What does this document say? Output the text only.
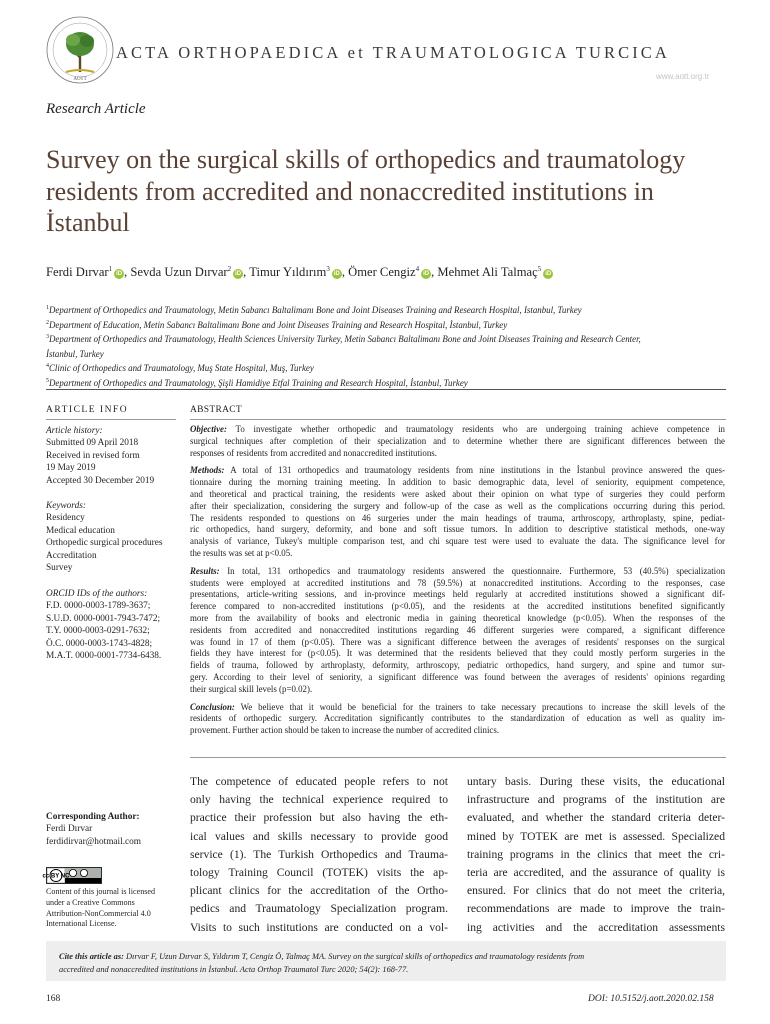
AOTT
ACTA ORTHOPAEDICA et TRAUMATOLOGICA TURCICA
www.aott.org.tr
Research Article
Survey on the surgical skills of orthopedics and traumatology
residents from accredited and nonaccredited institutions in
İstanbul
Ferdi Dırvar$^1$iD , Sevda Uzun Dırvar$^2$iD , Timur Yıldırım$^3$iD , Ömer Cengiz$^4$iD , Mehmet Ali Talmaç$^5$iD
$^1$Department of Orthopedics and Traumatology, Metin Sabancı Baltalimanı Bone and Joint Diseases Training and Research Hospital, Istanbul, Turkey
$^2$Department of Education, Metin Sabancı Baltalimanı Bone and Joint Diseases Training and Research Hospital, İstanbul, Turkey
$^3$Department of Orthopedics and Traumatology, Health Sciences University Turkey, Metin Sabancı Baltalimanı Bone and Joint Diseases Training and Research Center,
İstanbul, Turkey
$^4$Clinic of Orthopedics and Traumatology, Muş State Hospital, Muş, Turkey
$^5$Department of Orthopedics and Traumatology, Şişli Hamidiye Etfal Training and Research Hospital, İstanbul, Turkey
ARTICLE INFO
Article history:
Submitted 09 April 2018
Received in revised form
19 May 2019
Accepted 30 December 2019
Keywords:
Residency
Medical education
Orthopedic surgical procedures
Accreditation
Survey
ORCID IDs of the authors:
F.D. 0000-0003-1789-3637;
S.U.D. 0000-0001-7943-7472;
T.Y. 0000-0003-0291-7632;
Ö.C. 0000-0003-1743-4828;
M.A.T. 0000-0001-7734-6438.
ABSTRACT

Objective: To investigate whether orthopedic and traumatology residents who are undergoing training achieve competence in
surgical techniques after completion of their specialization and to determine whether there are significant differences between the
responses of residents from accredited and nonaccredited institutions.

Methods: A total of 131 orthopedics and traumatology residents from nine institutions in the İstanbul province answered the ques-
tionnaire during the morning training meeting. In addition to basic demographic data, level of seniority, equipment competence,
and theoretical and practical training, the residents were asked about their opinion on what type of surgeries they could perform
after their specialization, considering the surgery and follow-up of the case as well as the complications occurring during this period.
The residents responded to questions on 46 surgeries under the main headings of trauma, arthroscopy, arthroplasty, spine, pediat-
ric orthopedics, hand surgery, deformity, and bone and soft tissue tumors. In addition to descriptive statistical methods, one-way
analysis of variance, Tukey's multiple comparison test, and chi square test were used to evaluate the data. The significance level for
the results was set at p<0.05.

Results: In total, 131 orthopedics and traumatology residents answered the questionnaire. Furthermore, 53 (40.5%) specialization
students were employed at accredited institutions and 78 (59.5%) at nonaccredited institutions. According to the responses, case
presentations, article-writing sessions, and in-province meetings held regularly at accredited institutions showed a significant dif-
ference compared to non-accredited institutions (p<0.05), and the residents at the accredited institutions benefited significantly
more from the availability of books and electronic media in gaining theoretical knowledge (p<0.05). When the responses of the
residents from accredited and nonaccredited institutions regarding 46 different surgeries were compared, a significant difference
was found in 17 of them (p<0.05). There was a significant difference between the averages of residents' responses on the surgical
fields they have interest for (p<0.05). It was determined that the residents believed that they could mostly perform surgeries in the
fields of trauma, followed by arthroplasty, deformity, arthroscopy, pediatric orthopedics, hand surgery, and spine and tumor sur-
gery. According to their level of seniority, a significant difference was found between the averages of residents' opinions regarding
their surgical skill levels (p=0.02).

Conclusion: We believe that it would be beneficial for the trainers to take necessary precautions to increase the skill levels of the
residents of orthopedic surgery. Accreditation significantly contributes to the standardization of education as well as quality im-
provement. Further action should be taken to increase the number of accredited clinics.

Corresponding Author:
Ferdi Dırvar
ferdidirvar@hotmail.com
cc BY NC
Content of this journal is licensed
under a Creative Commons
Attribution-NonCommercial 4.0
International License.
The competence of educated people refers to not
only having the technical experience required to
practice their profession but also having the eth-
ical values and skills necessary to provide good
service (1). The Turkish Orthopedics and Trauma-
tology Training Council (TOTEK) visits the ap-
plicant clinics for the accreditation of the Ortho-
pedics and Traumatology Specialization program.
Visits to such institutions are conducted on a vol-
untary basis. During these visits, the educational
infrastructure and programs of the institution are
evaluated, and whether the standard criteria deter-
mined by TOTEK are met is assessed. Specialized
training programs in the clinics that meet the cri-
teria are accredited, and the assurance of quality is
ensured. For clinics that do not meet the criteria,
recommendations are made to improve the train-
ing activities and the accreditation assessments
Cite this article as: Dırvar F, Uzun Dırvar S, Yıldırım T, Cengiz Ö, Talmaç MA. Survey on the surgical skills of orthopedics and traumatology residents from
accredited and nonaccredited institutions in İstanbul. Acta Orthop Traumatol Turc 2020; 54(2): 168-77.
168	DOI: 10.5152/j.aott.2020.02.158
